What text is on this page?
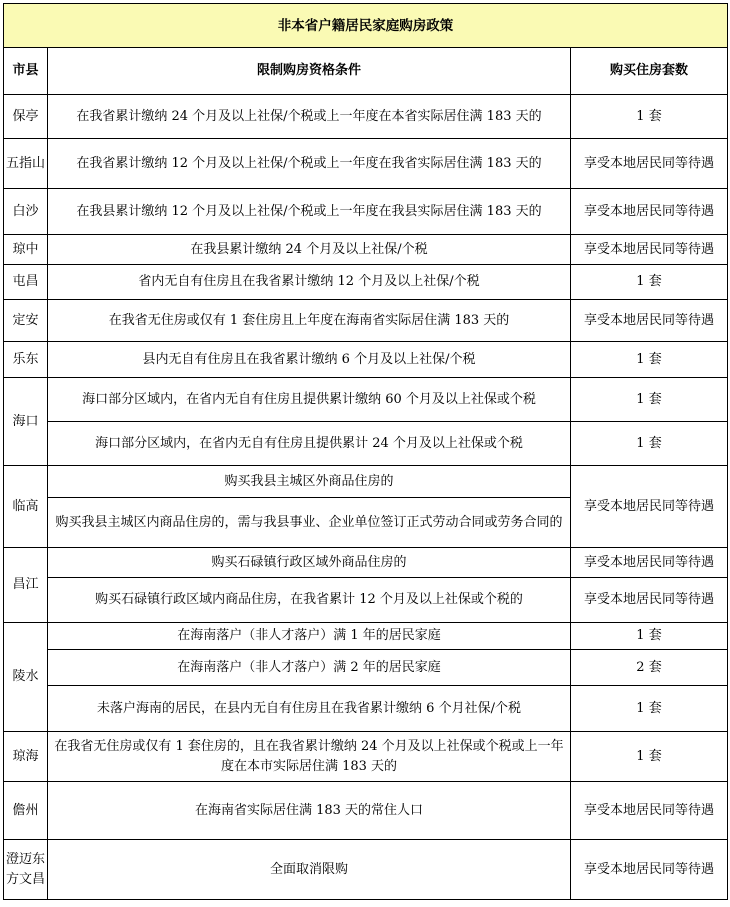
非本省户籍居民家庭购房政策		
市县	限制购房资格条件	购买住房套数
保亭	在我省累计缴纳 24 个月及以上社保/个税或上一年度在本省实际居住满 183 天的	1 套
五指山	在我省累计缴纳 12 个月及以上社保/个税或上一年度在我省实际居住满 183 天的	享受本地居民同等待遇
白沙	在我县累计缴纳 12 个月及以上社保/个税或上一年度在我县实际居住满 183 天的	享受本地居民同等待遇
琼中	在我县累计缴纳 24 个月及以上社保/个税	享受本地居民同等待遇
屯昌	省内无自有住房且在我省累计缴纳 12 个月及以上社保/个税	1 套
定安	在我省无住房或仅有 1 套住房且上年度在海南省实际居住满 183 天的	享受本地居民同等待遇
乐东	县内无自有住房且在我省累计缴纳 6 个月及以上社保/个税	1 套
海口	海口部分区域内，在省内无自有住房且提供累计缴纳 60 个月及以上社保或个税	1 套
	海口部分区域内，在省内无自有住房且提供累计 24 个月及以上社保或个税	1 套
临高	购买我县主城区外商品住房的	享受本地居民同等待遇
	购买我县主城区内商品住房的，需与我县事业、企业单位签订正式劳动合同或劳务合同的	
昌江	购买石碌镇行政区域外商品住房的	享受本地居民同等待遇
	购买石碌镇行政区域内商品住房，在我省累计 12 个月及以上社保或个税的	享受本地居民同等待遇
陵水	在海南落户（非人才落户）满 1 年的居民家庭	1 套
	在海南落户（非人才落户）满 2 年的居民家庭	2 套
	未落户海南的居民，在县内无自有住房且在我省累计缴纳 6 个月社保/个税	1 套
琼海	在我省无住房或仅有 1 套住房的，且在我省累计缴纳 24 个月及以上社保或个税或上一年度在本市实际居住满 183 天的	1 套
儋州	在海南省实际居住满 183 天的常住人口	享受本地居民同等待遇
澄迈东方文昌	全面取消限购	享受本地居民同等待遇
